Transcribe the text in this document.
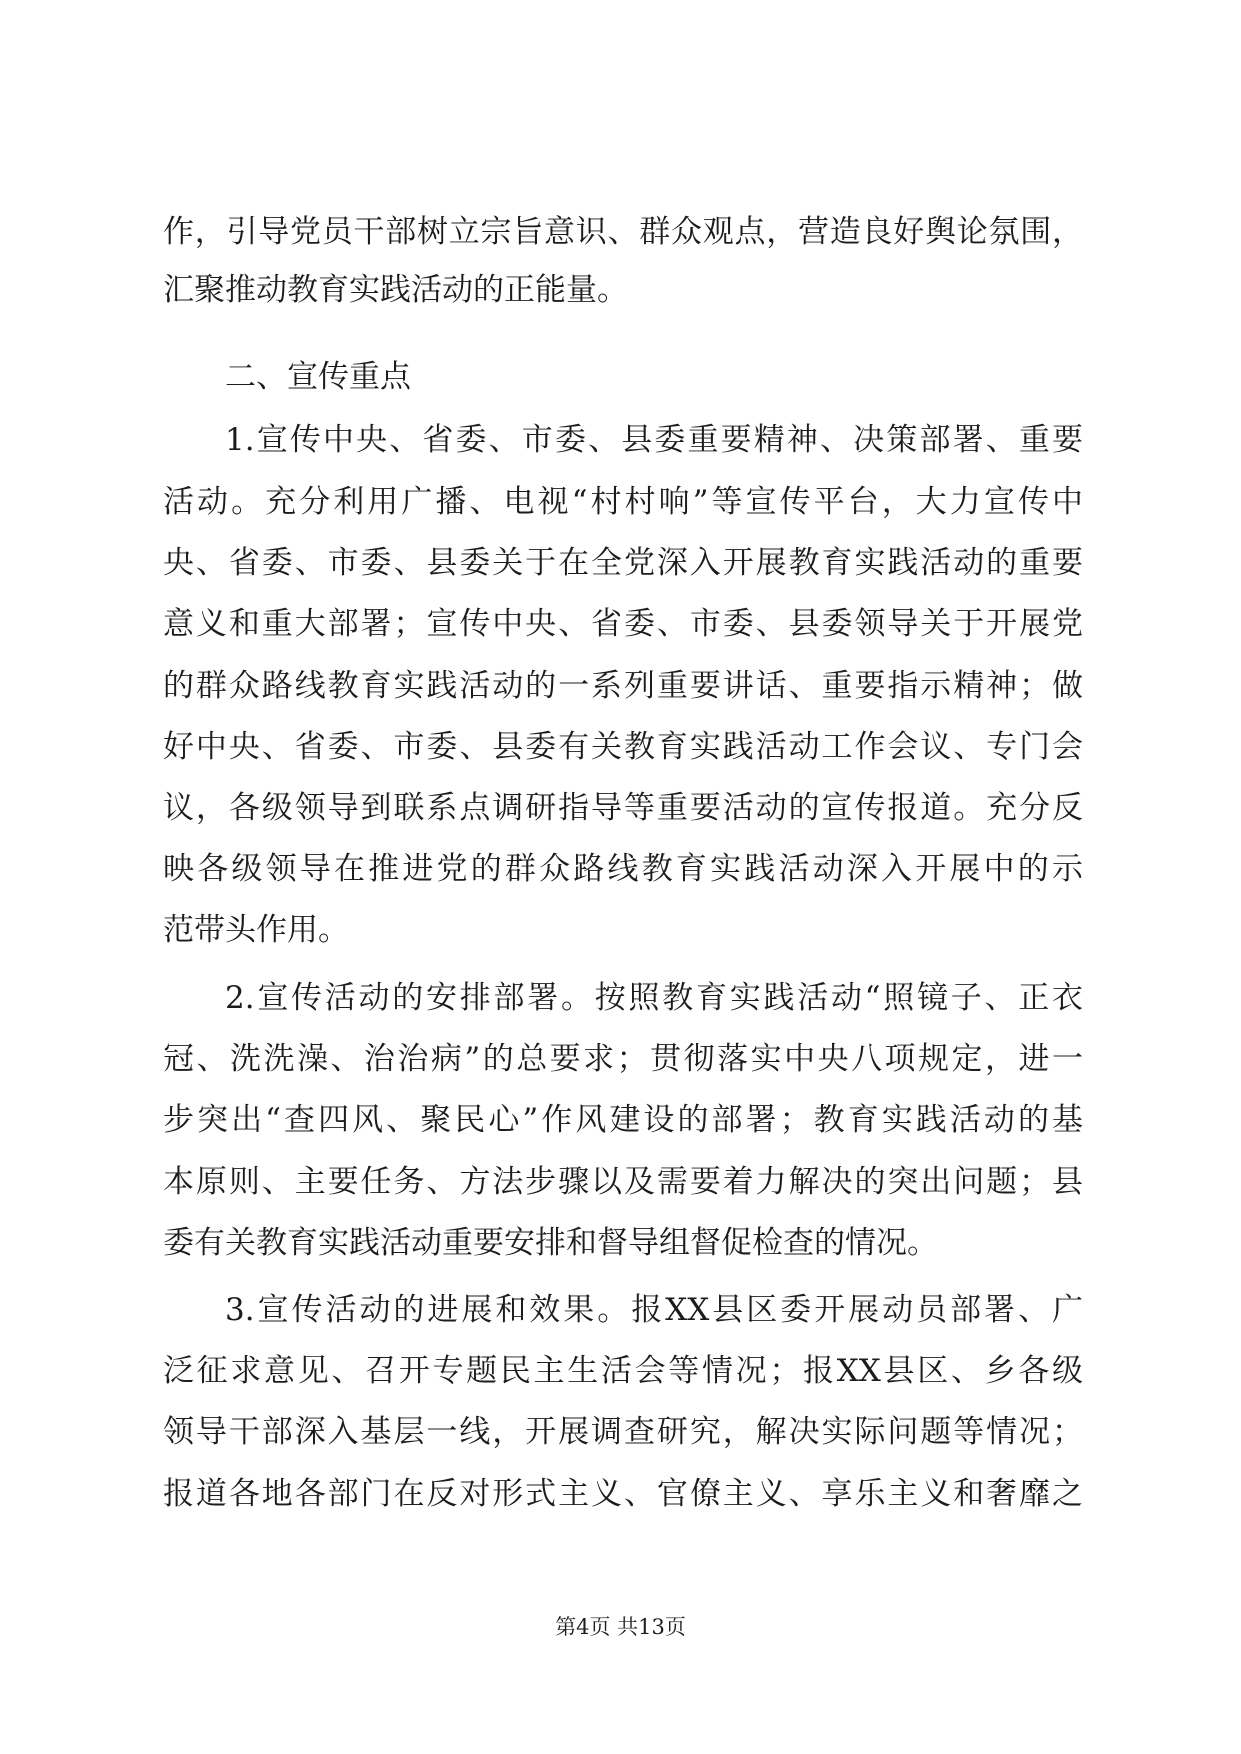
作，引导党员干部树立宗旨意识、群众观点，营造良好舆论氛围，
汇聚推动教育实践活动的正能量。
二、宣传重点
1.宣传中央、省委、市委、县委重要精神、决策部署、重要
活动。充分利用广播、电视“村村响”等宣传平台，大力宣传中
央、省委、市委、县委关于在全党深入开展教育实践活动的重要
意义和重大部署；宣传中央、省委、市委、县委领导关于开展党
的群众路线教育实践活动的一系列重要讲话、重要指示精神；做
好中央、省委、市委、县委有关教育实践活动工作会议、专门会
议，各级领导到联系点调研指导等重要活动的宣传报道。充分反
映各级领导在推进党的群众路线教育实践活动深入开展中的示
范带头作用。
2.宣传活动的安排部署。按照教育实践活动“照镜子、正衣
冠、洗洗澡、治治病”的总要求；贯彻落实中央八项规定，进一
步突出“查四风、聚民心”作风建设的部署；教育实践活动的基
本原则、主要任务、方法步骤以及需要着力解决的突出问题；县
委有关教育实践活动重要安排和督导组督促检查的情况。
3.宣传活动的进展和效果。报XX县区委开展动员部署、广
泛征求意见、召开专题民主生活会等情况；报XX县区、乡各级
领导干部深入基层一线，开展调查研究，解决实际问题等情况；
报道各地各部门在反对形式主义、官僚主义、享乐主义和奢靡之
第4页 共13页
